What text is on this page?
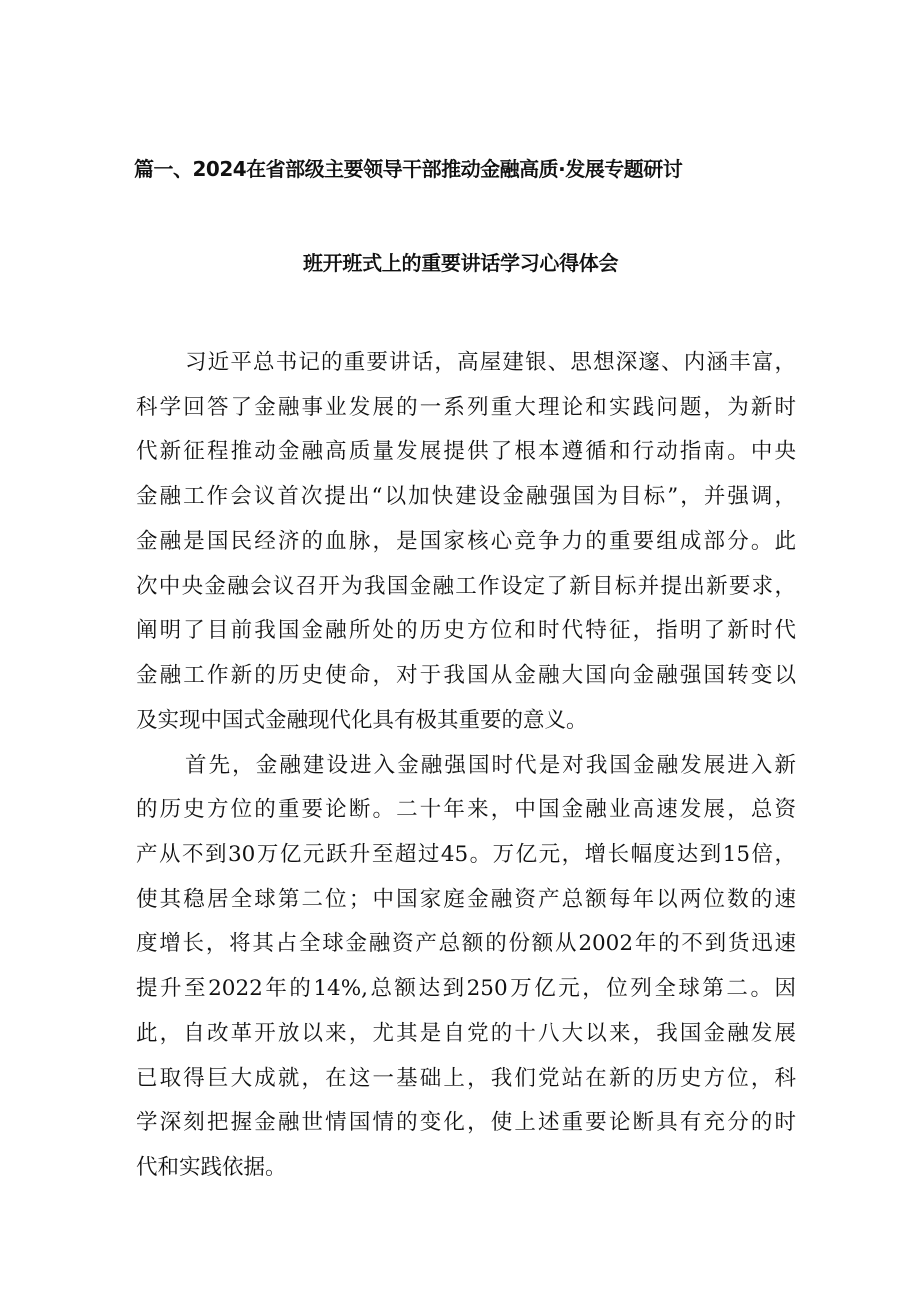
篇一、2024在省部级主要领导干部推动金融高质·发展专题研讨
班开班式上的重要讲话学习心得体会
习近平总书记的重要讲话，高屋建银、思想深邃、内涵丰富，
科学回答了金融事业发展的一系列重大理论和实践问题，为新时
代新征程推动金融高质量发展提供了根本遵循和行动指南。中央
金融工作会议首次提出“以加快建设金融强国为目标”，并强调，
金融是国民经济的血脉，是国家核心竞争力的重要组成部分。此
次中央金融会议召开为我国金融工作设定了新目标并提出新要求，
阐明了目前我国金融所处的历史方位和时代特征，指明了新时代
金融工作新的历史使命，对于我国从金融大国向金融强国转变以
及实现中国式金融现代化具有极其重要的意义。
首先，金融建设进入金融强国时代是对我国金融发展进入新
的历史方位的重要论断。二十年来，中国金融业高速发展，总资
产从不到30万亿元跃升至超过45。万亿元，增长幅度达到15倍，
使其稳居全球第二位；中国家庭金融资产总额每年以两位数的速
度增长，将其占全球金融资产总额的份额从2002年的不到货迅速
提升至2022年的14%,总额达到250万亿元，位列全球第二。因
此，自改革开放以来，尤其是自党的十八大以来，我国金融发展
已取得巨大成就，在这一基础上，我们党站在新的历史方位，科
学深刻把握金融世情国情的变化，使上述重要论断具有充分的时
代和实践依据。
